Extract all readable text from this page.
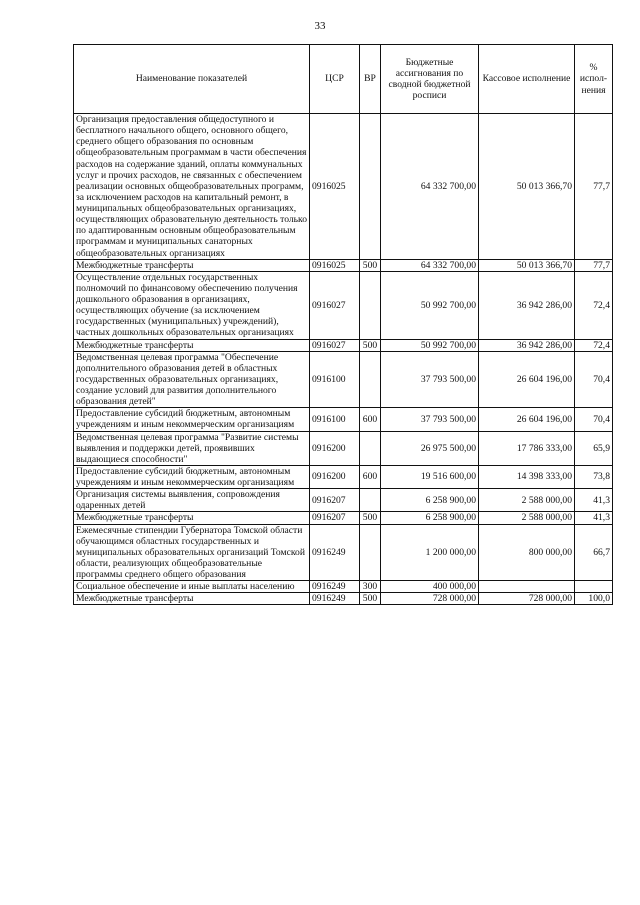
33
Наименование показателей	ЦСР	ВР	Бюджетные ассигнования по сводной бюджетной росписи	Кассовое исполнение	% испол-нения
Организация предоставления общедоступного и бесплатного начального общего, основного общего, среднего общего образования по основным общеобразовательным программам в части обеспечения расходов на содержание зданий, оплаты коммунальных услуг и прочих расходов, не связанных с обеспечением реализации основных общеобразовательных программ, за исключением расходов на капитальный ремонт, в муниципальных общеобразовательных организациях, осуществляющих образовательную деятельность только по адаптированным основным общеобразовательным программам и муниципальных санаторных общеобразовательных организациях	0916025		64 332 700,00	50 013 366,70	77,7
Межбюджетные трансферты	0916025	500	64 332 700,00	50 013 366,70	77,7
Осуществление отдельных государственных полномочий по финансовому обеспечению получения дошкольного образования в организациях, осуществляющих обучение (за исключением государственных (муниципальных) учреждений), частных дошкольных образовательных организациях	0916027		50 992 700,00	36 942 286,00	72,4
Межбюджетные трансферты	0916027	500	50 992 700,00	36 942 286,00	72,4
Ведомственная целевая программа "Обеспечение дополнительного образования детей в областных государственных образовательных организациях, создание условий для развития дополнительного образования детей"	0916100		37 793 500,00	26 604 196,00	70,4
Предоставление субсидий бюджетным, автономным учреждениям и иным некоммерческим организациям	0916100	600	37 793 500,00	26 604 196,00	70,4
Ведомственная целевая программа "Развитие системы выявления и поддержки детей, проявивших выдающиеся способности"	0916200		26 975 500,00	17 786 333,00	65,9
Предоставление субсидий бюджетным, автономным учреждениям и иным некоммерческим организациям	0916200	600	19 516 600,00	14 398 333,00	73,8
Организация системы выявления, сопровождения одаренных детей	0916207		6 258 900,00	2 588 000,00	41,3
Межбюджетные трансферты	0916207	500	6 258 900,00	2 588 000,00	41,3
Ежемесячные стипендии Губернатора Томской области обучающимся областных государственных и муниципальных образовательных организаций Томской области, реализующих общеобразовательные программы среднего общего образования	0916249		1 200 000,00	800 000,00	66,7
Социальное обеспечение и иные выплаты населению	0916249	300	400 000,00		
Межбюджетные трансферты	0916249	500	728 000,00	728 000,00	100,0
